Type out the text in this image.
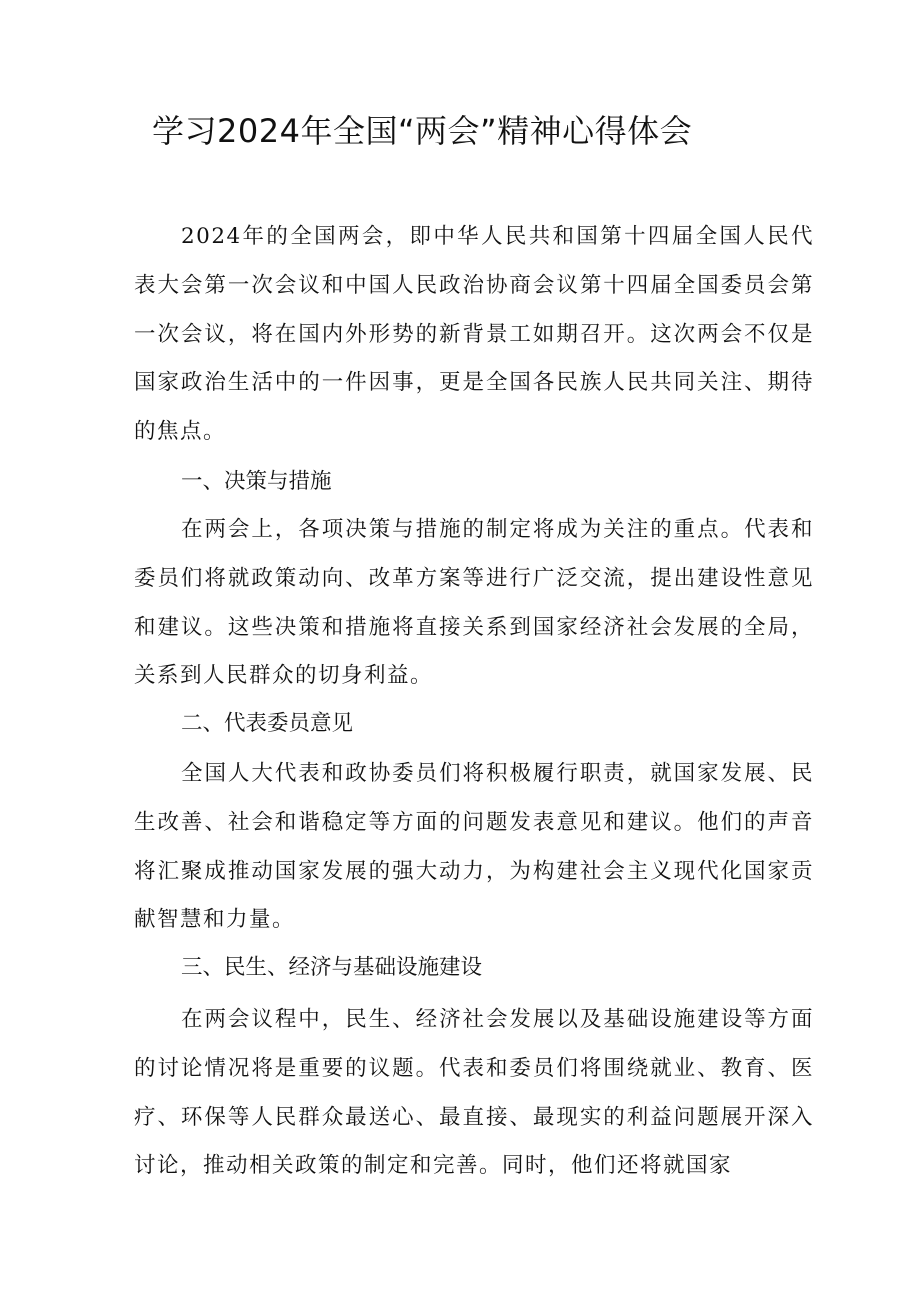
学习2024年全国“两会”精神心得体会

2024年的全国两会，即中华人民共和国第十四届全国人民代表大会第一次会议和中国人民政治协商会议第十四届全国委员会第一次会议，将在国内外形势的新背景工如期召开。这次两会不仅是国家政治生活中的一件因事，更是全国各民族人民共同关注、期待的焦点。

一、决策与措施

在两会上，各项决策与措施的制定将成为关注的重点。代表和委员们将就政策动向、改革方案等进行广泛交流，提出建设性意见和建议。这些决策和措施将直接关系到国家经济社会发展的全局，关系到人民群众的切身利益。

二、代表委员意见

全国人大代表和政协委员们将积极履行职责，就国家发展、民生改善、社会和谐稳定等方面的问题发表意见和建议。他们的声音将汇聚成推动国家发展的强大动力，为构建社会主义现代化国家贡献智慧和力量。

三、民生、经济与基础设施建设

在两会议程中，民生、经济社会发展以及基础设施建设等方面的讨论情况将是重要的议题。代表和委员们将围绕就业、教育、医疗、环保等人民群众最送心、最直接、最现实的利益问题展开深入讨论，推动相关政策的制定和完善。同时，他们还将就国家
